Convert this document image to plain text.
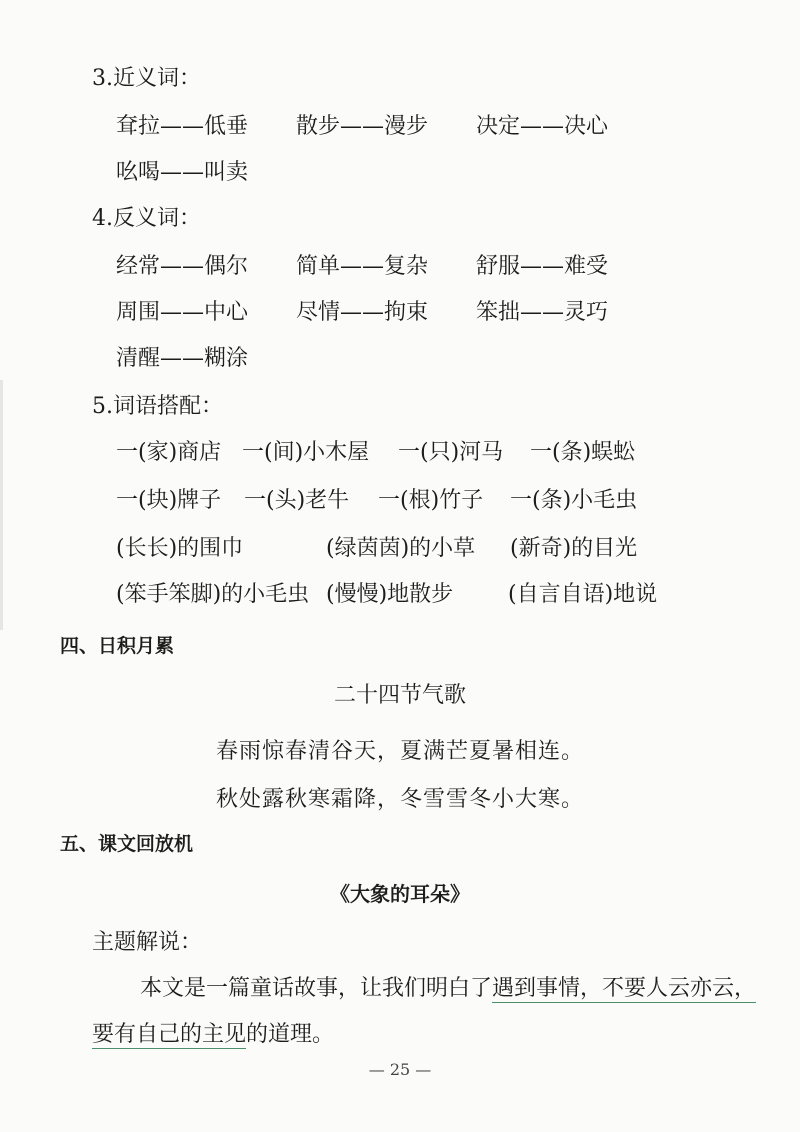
3.近义词：
耷拉——低垂 散步——漫步 决定——决心
吆喝——叫卖
4.反义词：
经常——偶尔 简单——复杂 舒服——难受
周围——中心 尽情——拘束 笨拙——灵巧
清醒——糊涂
5.词语搭配：
一(家)商店 一(间)小木屋 一(只)河马 一(条)蜈蚣
一(块)牌子 一(头)老牛 一(根)竹子 一(条)小毛虫
(长长)的围巾	(绿茵茵)的小草 (新奇)的目光
(笨手笨脚)的小毛虫 (慢慢)地散步 (自言自语)地说
四、日积月累
二十四节气歌
春雨惊春清谷天，夏满芒夏暑相连。
秋处露秋寒霜降，冬雪雪冬小大寒。
五、课文回放机
《大象的耳朵》
主题解说：
本文是一篇童话故事，让我们明白了遇到事情，不要人云亦云，
要有自己的主见的道理。
— 25 —
